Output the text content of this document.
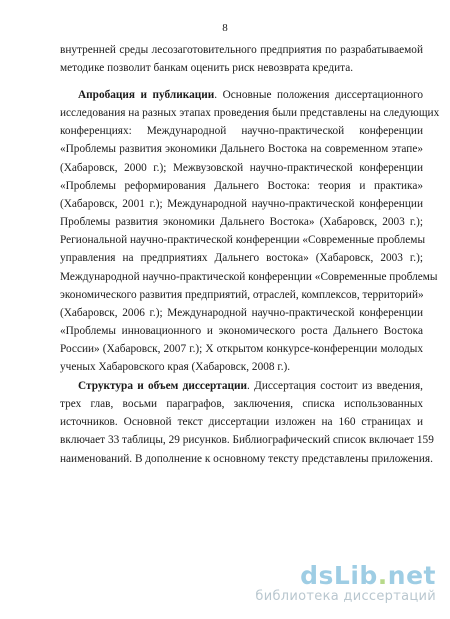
8
внутренней среды лесозаготовительного предприятия по разрабатываемой
методике позволит банкам оценить риск невозврата кредита.
Апробация и публикации. Основные положения диссертационного
исследования на разных этапах проведения были представлены на следующих
конференциях: Международной научно-практической конференции
«Проблемы развития экономики Дальнего Востока на современном этапе»
(Хабаровск, 2000 г.); Межвузовской научно-практической конференции
«Проблемы реформирования Дальнего Востока: теория и практика»
(Хабаровск, 2001 г.); Международной научно-практической конференции
Проблемы развития экономики Дальнего Востока» (Хабаровск, 2003 г.);
Региональной научно-практической конференции «Современные проблемы
управления на предприятиях Дальнего востока» (Хабаровск, 2003 г.);
Международной научно-практической конференции «Современные проблемы
экономического развития предприятий, отраслей, комплексов, территорий»
(Хабаровск, 2006 г.); Международной научно-практической конференции
«Проблемы инновационного и экономического роста Дальнего Востока
России» (Хабаровск, 2007 г.); Х открытом конкурсе-конференции молодых
ученых Хабаровского края (Хабаровск, 2008 г.).
Структура и объем диссертации. Диссертация состоит из введения,
трех глав, восьми параграфов, заключения, списка использованных
источников. Основной текст диссертации изложен на 160 страницах и
включает 33 таблицы, 29 рисунков. Библиографический список включает 159
наименований. В дополнение к основному тексту представлены приложения.
dsLib.net
библиотека диссертаций
